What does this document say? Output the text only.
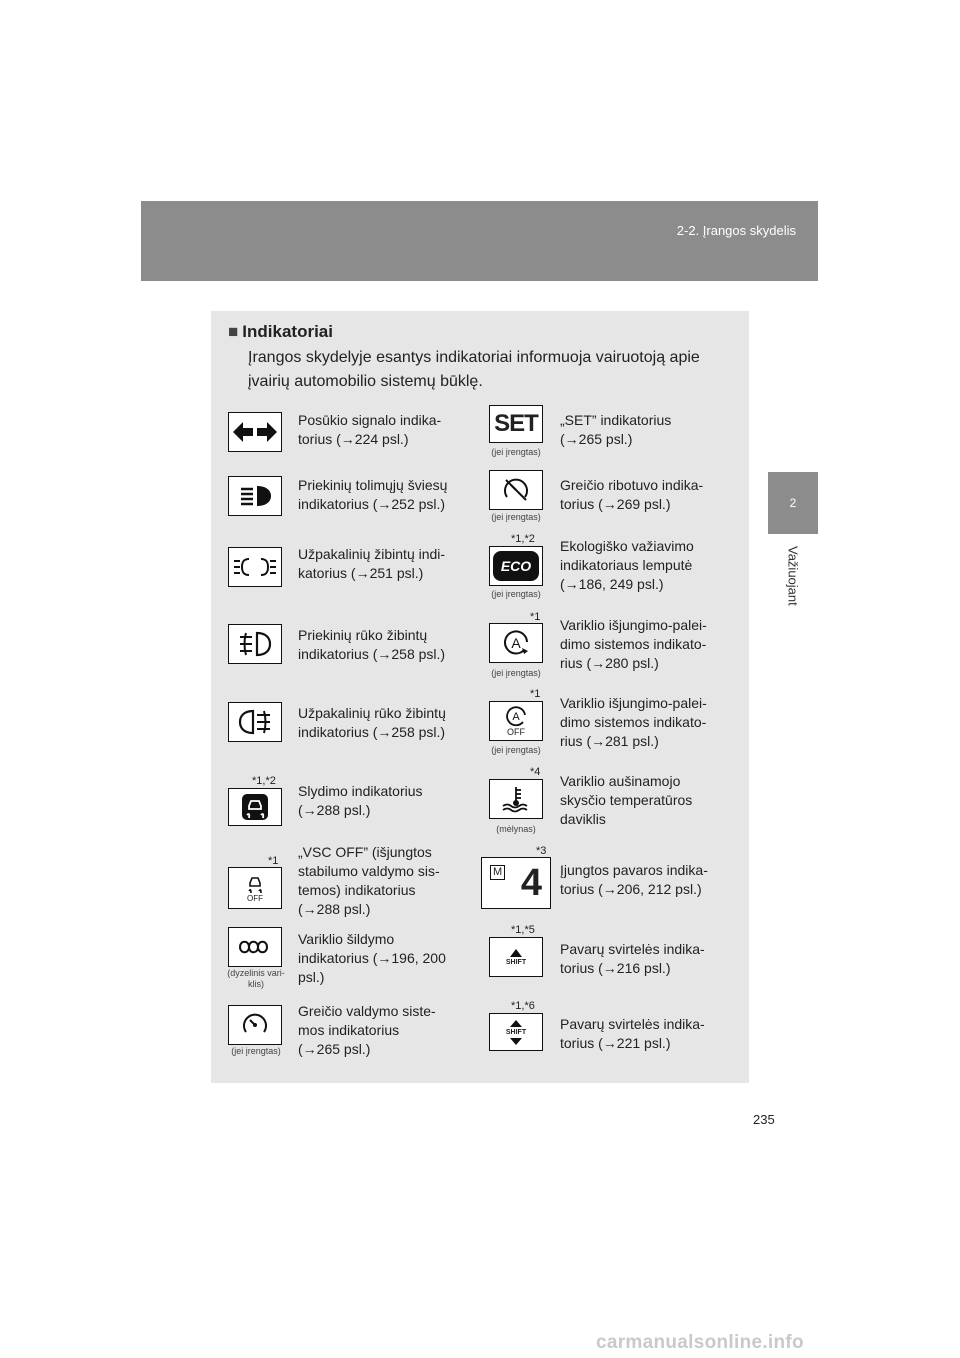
2-2. Įrangos skydelis
2
Važiuojant
■ Indikatoriai
Įrangos skydelyje esantys indikatoriai informuoja vairuotoją apie įvairių automobilio sistemų būklę.
Posūkio signalo indika-
torius (→224 psl.)
Priekinių tolimųjų šviesų
indikatorius (→252 psl.)
Užpakalinių žibintų indi-
katorius (→251 psl.)
Priekinių rūko žibintų
indikatorius (→258 psl.)
Užpakalinių rūko žibintų
indikatorius (→258 psl.)
*1,*2
Slydimo indikatorius
(→288 psl.)
*1
OFF
„VSC OFF” (išjungtos
stabilumo valdymo sis-
temos) indikatorius
(→288 psl.)
(dyzelinis vari-
klis)
Variklio šildymo
indikatorius (→196, 200
psl.)
(jei įrengtas)
Greičio valdymo siste-
mos indikatorius
(→265 psl.)
SET
(jei įrengtas)
„SET” indikatorius
(→265 psl.)
(jei įrengtas)
Greičio ribotuvo indika-
torius (→269 psl.)
*1,*2
ECO
(jei įrengtas)
Ekologiško važiavimo
indikatoriaus lemputė
(→186, 249 psl.)
*1
A
(jei įrengtas)
Variklio išjungimo-palei-
dimo sistemos indikato-
rius (→280 psl.)
*1
A
OFF
(jei įrengtas)
Variklio išjungimo-palei-
dimo sistemos indikato-
rius (→281 psl.)
*4
(mėlynas)
Variklio aušinamojo
skysčio temperatūros
daviklis
*3
M 4 Įjungtos pavaros indika-
torius (→206, 212 psl.)
*1,*5
SHIFT
Pavarų svirtelės indika-
torius (→216 psl.)
*1,*6
SHIFT Pavarų svirtelės indika-
torius (→221 psl.)
235
carmanualsonline.info
